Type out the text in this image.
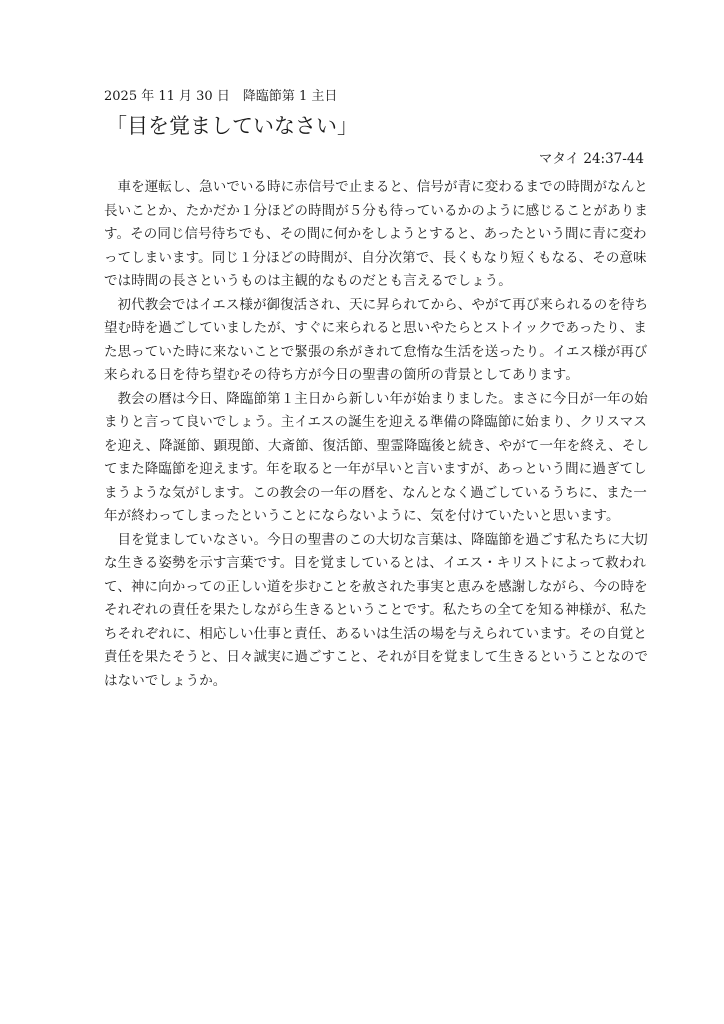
2025 年 11 月 30 日　降臨節第 1 主日
「目を覚ましていなさい」
マタイ 24:37-44

車を運転し、急いでいる時に赤信号で止まると、信号が青に変わるまでの時間がなんと
長いことか、たかだか１分ほどの時間が５分も待っているかのように感じることがありま
す。その同じ信号待ちでも、その間に何かをしようとすると、あったという間に青に変わ
ってしまいます。同じ１分ほどの時間が、自分次第で、長くもなり短くもなる、その意味
では時間の長さというものは主観的なものだとも言えるでしょう。

初代教会ではイエス様が御復活され、天に昇られてから、やがて再び来られるのを待ち
望む時を過ごしていましたが、すぐに来られると思いやたらとストイックであったり、ま
た思っていた時に来ないことで緊張の糸がきれて怠惰な生活を送ったり。イエス様が再び
来られる日を待ち望むその待ち方が今日の聖書の箇所の背景としてあります。

教会の暦は今日、降臨節第１主日から新しい年が始まりました。まさに今日が一年の始
まりと言って良いでしょう。主イエスの誕生を迎える準備の降臨節に始まり、クリスマス
を迎え、降誕節、顕現節、大斎節、復活節、聖霊降臨後と続き、やがて一年を終え、そし
てまた降臨節を迎えます。年を取ると一年が早いと言いますが、あっという間に過ぎてし
まうような気がします。この教会の一年の暦を、なんとなく過ごしているうちに、また一
年が終わってしまったということにならないように、気を付けていたいと思います。

目を覚ましていなさい。今日の聖書のこの大切な言葉は、降臨節を過ごす私たちに大切
な生きる姿勢を示す言葉です。目を覚ましているとは、イエス・キリストによって救われ
て、神に向かっての正しい道を歩むことを赦された事実と恵みを感謝しながら、今の時を
それぞれの責任を果たしながら生きるということです。私たちの全てを知る神様が、私た
ちそれぞれに、相応しい仕事と責任、あるいは生活の場を与えられています。その自覚と
責任を果たそうと、日々誠実に過ごすこと、それが目を覚まして生きるということなので
はないでしょうか。
